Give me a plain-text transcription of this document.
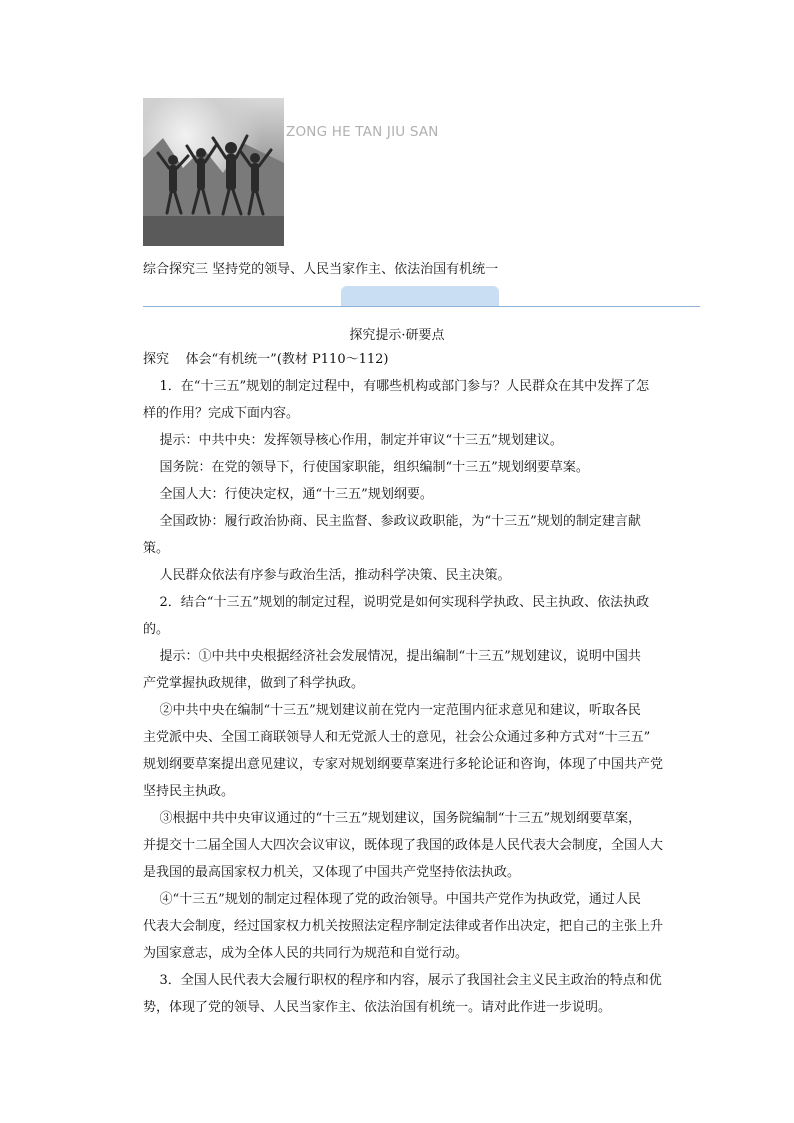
ZONG HE TAN JIU SAN
综合探究三 坚持党的领导、人民当家作主、依法治国有机统一
探究提示·研要点

探究    体会“有机统一”(教材 P110～112)

1．在“十三五”规划的制定过程中，有哪些机构或部门参与？人民群众在其中发挥了怎

样的作用？完成下面内容。

提示：中共中央：发挥领导核心作用，制定并审议“十三五”规划建议。

国务院：在党的领导下，行使国家职能，组织编制“十三五”规划纲要草案。

全国人大：行使决定权，通“十三五”规划纲要。

全国政协：履行政治协商、民主监督、参政议政职能，为“十三五”规划的制定建言献

策。

人民群众依法有序参与政治生活，推动科学决策、民主决策。

2．结合“十三五”规划的制定过程，说明党是如何实现科学执政、民主执政、依法执政

的。

提示：①中共中央根据经济社会发展情况，提出编制“十三五”规划建议，说明中国共

产党掌握执政规律，做到了科学执政。

②中共中央在编制“十三五”规划建议前在党内一定范围内征求意见和建议，听取各民

主党派中央、全国工商联领导人和无党派人士的意见，社会公众通过多种方式对“十三五”

规划纲要草案提出意见建议，专家对规划纲要草案进行多轮论证和咨询，体现了中国共产党

坚持民主执政。

③根据中共中央审议通过的“十三五”规划建议，国务院编制“十三五”规划纲要草案，

并提交十二届全国人大四次会议审议，既体现了我国的政体是人民代表大会制度，全国人大

是我国的最高国家权力机关，又体现了中国共产党坚持依法执政。

④“十三五”规划的制定过程体现了党的政治领导。中国共产党作为执政党，通过人民

代表大会制度，经过国家权力机关按照法定程序制定法律或者作出决定，把自己的主张上升

为国家意志，成为全体人民的共同行为规范和自觉行动。

3．全国人民代表大会履行职权的程序和内容，展示了我国社会主义民主政治的特点和优

势，体现了党的领导、人民当家作主、依法治国有机统一。请对此作进一步说明。
